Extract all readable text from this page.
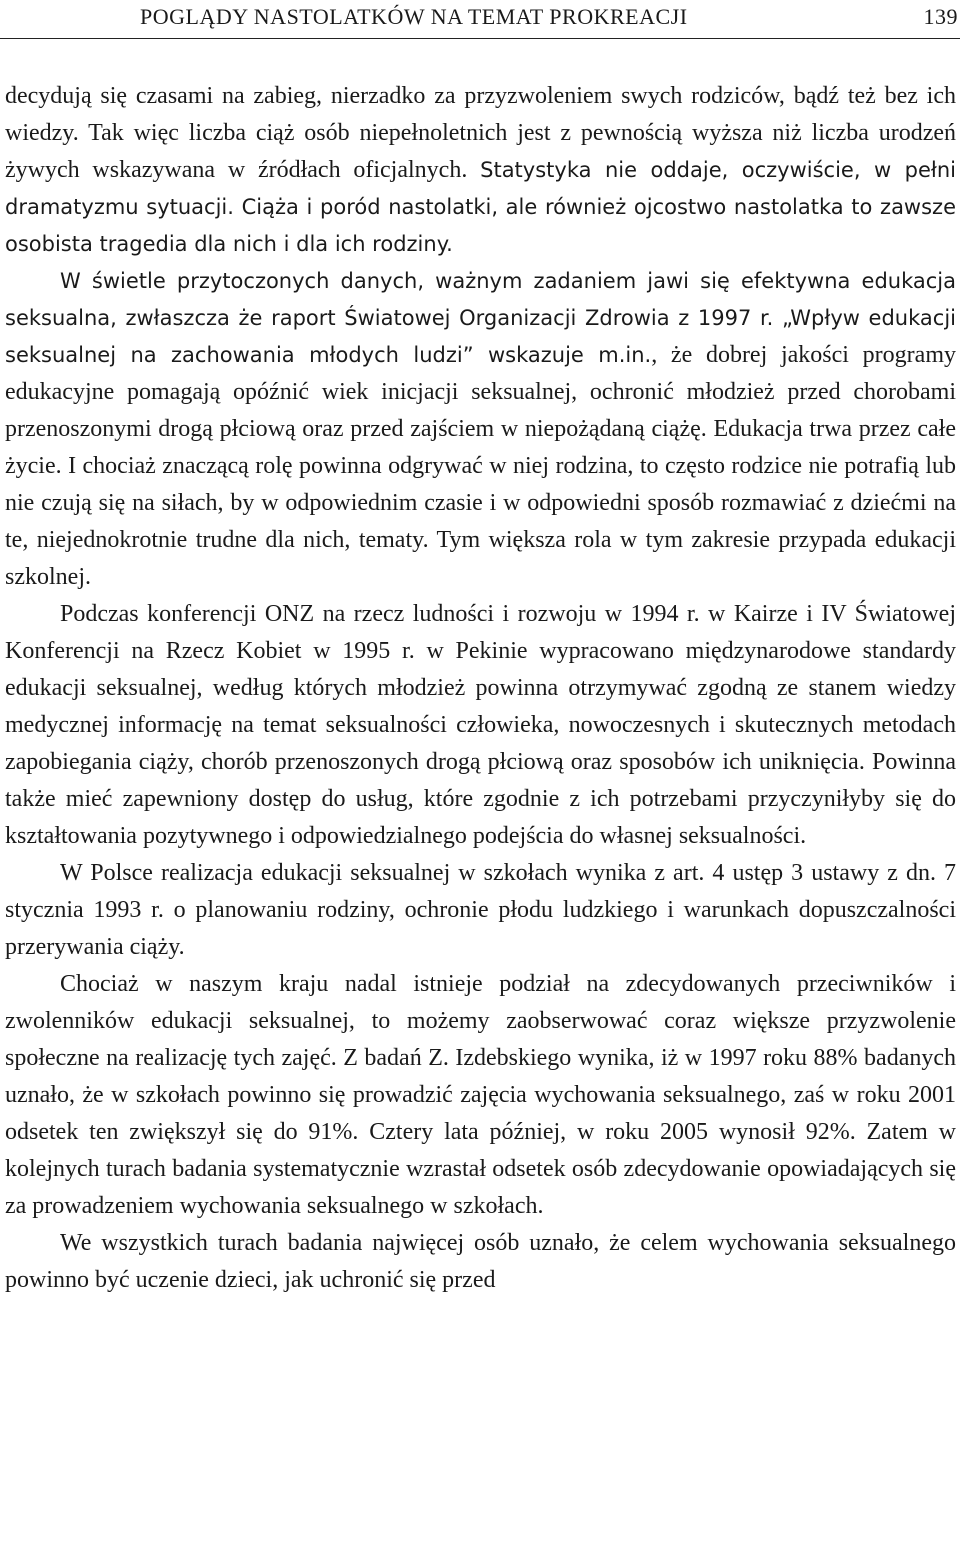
POGLĄDY NASTOLATKÓW NA TEMAT PROKREACJI	139

decydują się czasami na zabieg, nierzadko za przyzwoleniem swych rodziców, bądź też bez ich wiedzy. Tak więc liczba ciąż osób niepełnoletnich jest z pewnością wyższa niż liczba urodzeń żywych wskazywana w źródłach oficjalnych. Statystyka nie oddaje, oczywiście, w pełni dramatyzmu sytuacji. Ciąża i poród nastolatki, ale również ojcostwo nastolatka to zawsze osobista tragedia dla nich i dla ich rodziny.

W świetle przytoczonych danych, ważnym zadaniem jawi się efektywna edukacja seksualna, zwłaszcza że raport Światowej Organizacji Zdrowia z 1997 r. „Wpływ edukacji seksualnej na zachowania młodych ludzi” wskazuje m.in., że dobrej jakości programy edukacyjne pomagają opóźnić wiek inicjacji seksualnej, ochronić młodzież przed chorobami przenoszonymi drogą płciową oraz przed zajściem w niepożądaną ciążę. Edukacja trwa przez całe życie. I chociaż znaczącą rolę powinna odgrywać w niej rodzina, to często rodzice nie potrafią lub nie czują się na siłach, by w odpowiednim czasie i w odpowiedni sposób rozmawiać z dziećmi na te, niejednokrotnie trudne dla nich, tematy. Tym większa rola w tym zakresie przypada edukacji szkolnej.

Podczas konferencji ONZ na rzecz ludności i rozwoju w 1994 r. w Kairze i IV Światowej Konferencji na Rzecz Kobiet w 1995 r. w Pekinie wypracowano międzynarodowe standardy edukacji seksualnej, według których młodzież powinna otrzymywać zgodną ze stanem wiedzy medycznej informację na temat seksualności człowieka, nowoczesnych i skutecznych metodach zapobiegania ciąży, chorób przenoszonych drogą płciową oraz sposobów ich uniknięcia. Powinna także mieć zapewniony dostęp do usług, które zgodnie z ich potrzebami przyczyniłyby się do kształtowania pozytywnego i odpowiedzialnego podejścia do własnej seksualności.

W Polsce realizacja edukacji seksualnej w szkołach wynika z art. 4 ustęp 3 ustawy z dn. 7 stycznia 1993 r. o planowaniu rodziny, ochronie płodu ludzkiego i warunkach dopuszczalności przerywania ciąży.

Chociaż w naszym kraju nadal istnieje podział na zdecydowanych przeciwników i zwolenników edukacji seksualnej, to możemy zaobserwować coraz większe przyzwolenie społeczne na realizację tych zajęć. Z badań Z. Izdebskiego wynika, iż w 1997 roku 88% badanych uznało, że w szkołach powinno się prowadzić zajęcia wychowania seksualnego, zaś w roku 2001 odsetek ten zwiększył się do 91%. Cztery lata później, w roku 2005 wynosił 92%. Zatem w kolejnych turach badania systematycznie wzrastał odsetek osób zdecydowanie opowiadających się za prowadzeniem wychowania seksualnego w szkołach.

We wszystkich turach badania najwięcej osób uznało, że celem wychowania seksualnego powinno być uczenie dzieci, jak uchronić się przed
